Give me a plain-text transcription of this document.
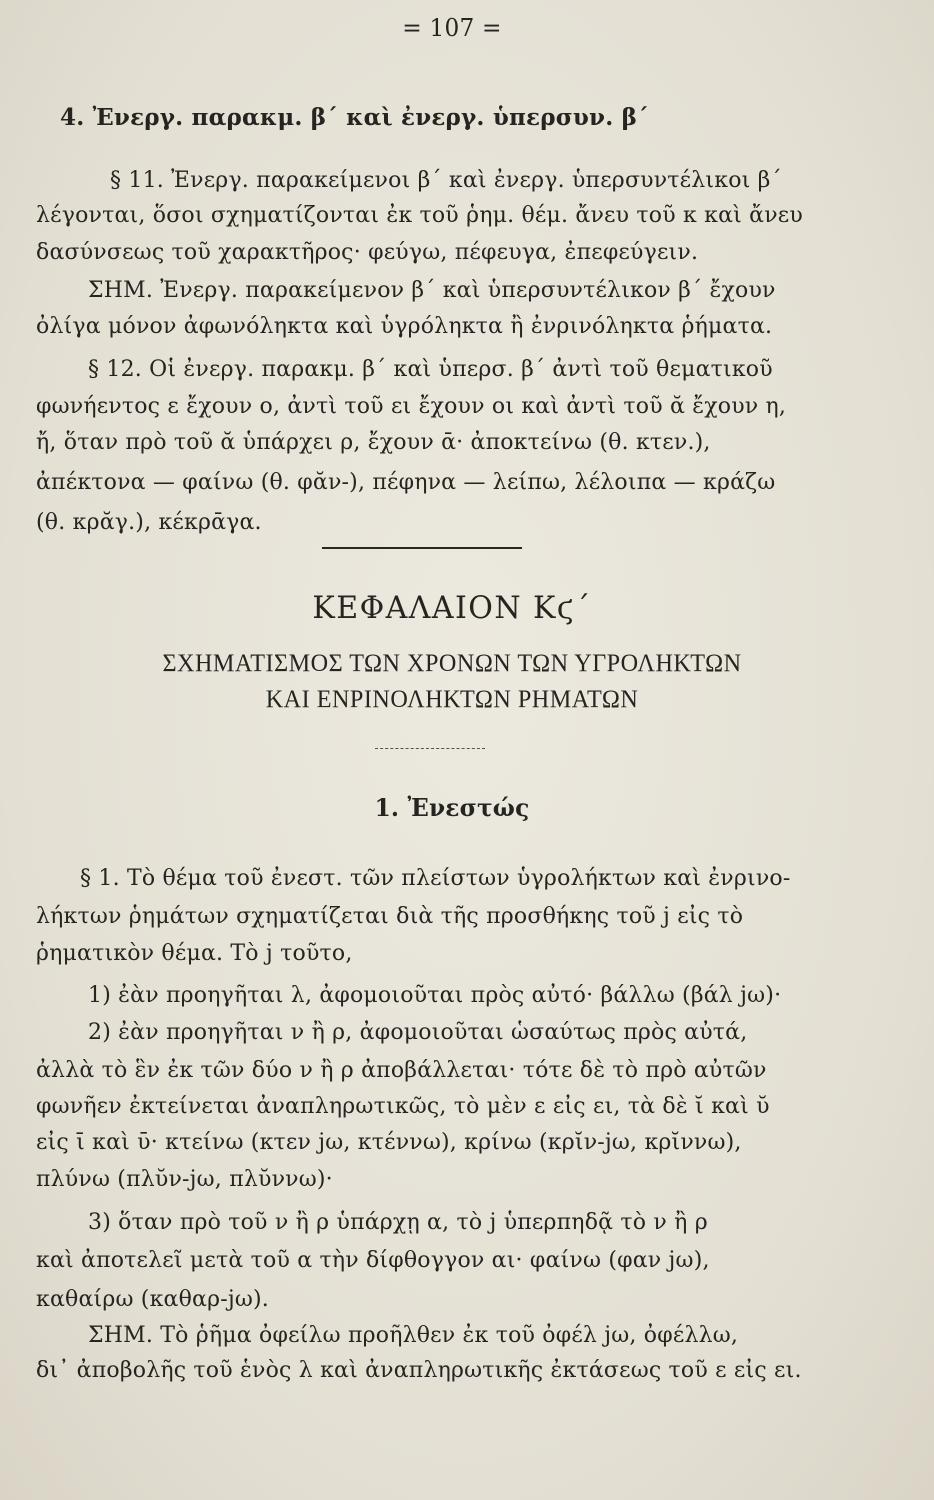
= 107 =
4. Ἐνεργ. παρακμ. β΄ καὶ ἐνεργ. ὑπερσυν. β΄
§ 11. Ἐνεργ. παρακείμενοι β΄ καὶ ἐνεργ. ὑπερσυντέλικοι β΄
λέγονται, ὅσοι σχηματίζονται ἐκ τοῦ ῥημ. θέμ. ἄνευ τοῦ κ καὶ ἄνευ
δασύνσεως τοῦ χαρακτῆρος· φεύγω, πέφευγα, ἐπεφεύγειν.
ΣΗΜ. Ἐνεργ. παρακείμενον β΄ καὶ ὑπερσυντέλικον β΄ ἔχουν
ὀλίγα μόνον ἀφωνόληκτα καὶ ὑγρόληκτα ἢ ἐνρινόληκτα ῥήματα.
§ 12. Οἱ ἐνεργ. παρακμ. β΄ καὶ ὑπερσ. β΄ ἀντὶ τοῦ θεματικοῦ
φωνήεντος ε ἔχουν ο, ἀντὶ τοῦ ει ἔχουν οι καὶ ἀντὶ τοῦ ᾰ ἔχουν η,
ἤ, ὅταν πρὸ τοῦ ᾰ ὑπάρχει ρ, ἔχουν ᾱ· ἀποκτείνω (θ. κτεν.),
ἀπέκτονα — φαίνω (θ. φᾰν-), πέφηνα — λείπω, λέλοιπα — κράζω
(θ. κρᾰγ.), κέκρᾱγα.
ΚΕΦΑΛΑΙΟΝ Κϛ΄
ΣΧΗΜΑΤΙΣΜΟΣ ΤΩΝ ΧΡΟΝΩΝ ΤΩΝ ΥΓΡΟΛΗΚΤΩΝ
ΚΑΙ ΕΝΡΙΝΟΛΗΚΤΩΝ ΡΗΜΑΤΩΝ
1. Ἐνεστώς
§ 1. Τὸ θέμα τοῦ ἐνεστ. τῶν πλείστων ὑγρολήκτων καὶ ἐνρινο-
λήκτων ῥημάτων σχηματίζεται διὰ τῆς προσθήκης τοῦ j εἰς τὸ
ῥηματικὸν θέμα. Τὸ j τοῦτο,
1) ἐὰν προηγῆται λ, ἀφομοιοῦται πρὸς αὐτό· βάλλω (βάλ jω)·
2) ἐὰν προηγῆται ν ἢ ρ, ἀφομοιοῦται ὡσαύτως πρὸς αὐτά,
ἀλλὰ τὸ ἓν ἐκ τῶν δύο ν ἢ ρ ἀποβάλλεται· τότε δὲ τὸ πρὸ αὐτῶν
φωνῆεν ἐκτείνεται ἀναπληρωτικῶς, τὸ μὲν ε εἰς ει, τὰ δὲ ῐ καὶ ῠ
εἰς ῑ καὶ ῡ· κτείνω (κτεν jω, κτέννω), κρίνω (κρῐν-jω, κρῐννω),
πλύνω (πλῠν-jω, πλῠννω)·
3) ὅταν πρὸ τοῦ ν ἢ ρ ὑπάρχῃ α, τὸ j ὑπερπηδᾷ τὸ ν ἢ ρ
καὶ ἀποτελεῖ μετὰ τοῦ α τὴν δίφθογγον αι· φαίνω (φαν jω),
καθαίρω (καθαρ-jω).
ΣΗΜ. Τὸ ῥῆμα ὀφείλω προῆλθεν ἐκ τοῦ ὀφέλ jω, ὀφέλλω,
δι᾿ ἀποβολῆς τοῦ ἑνὸς λ καὶ ἀναπληρωτικῆς ἐκτάσεως τοῦ ε εἰς ει.
